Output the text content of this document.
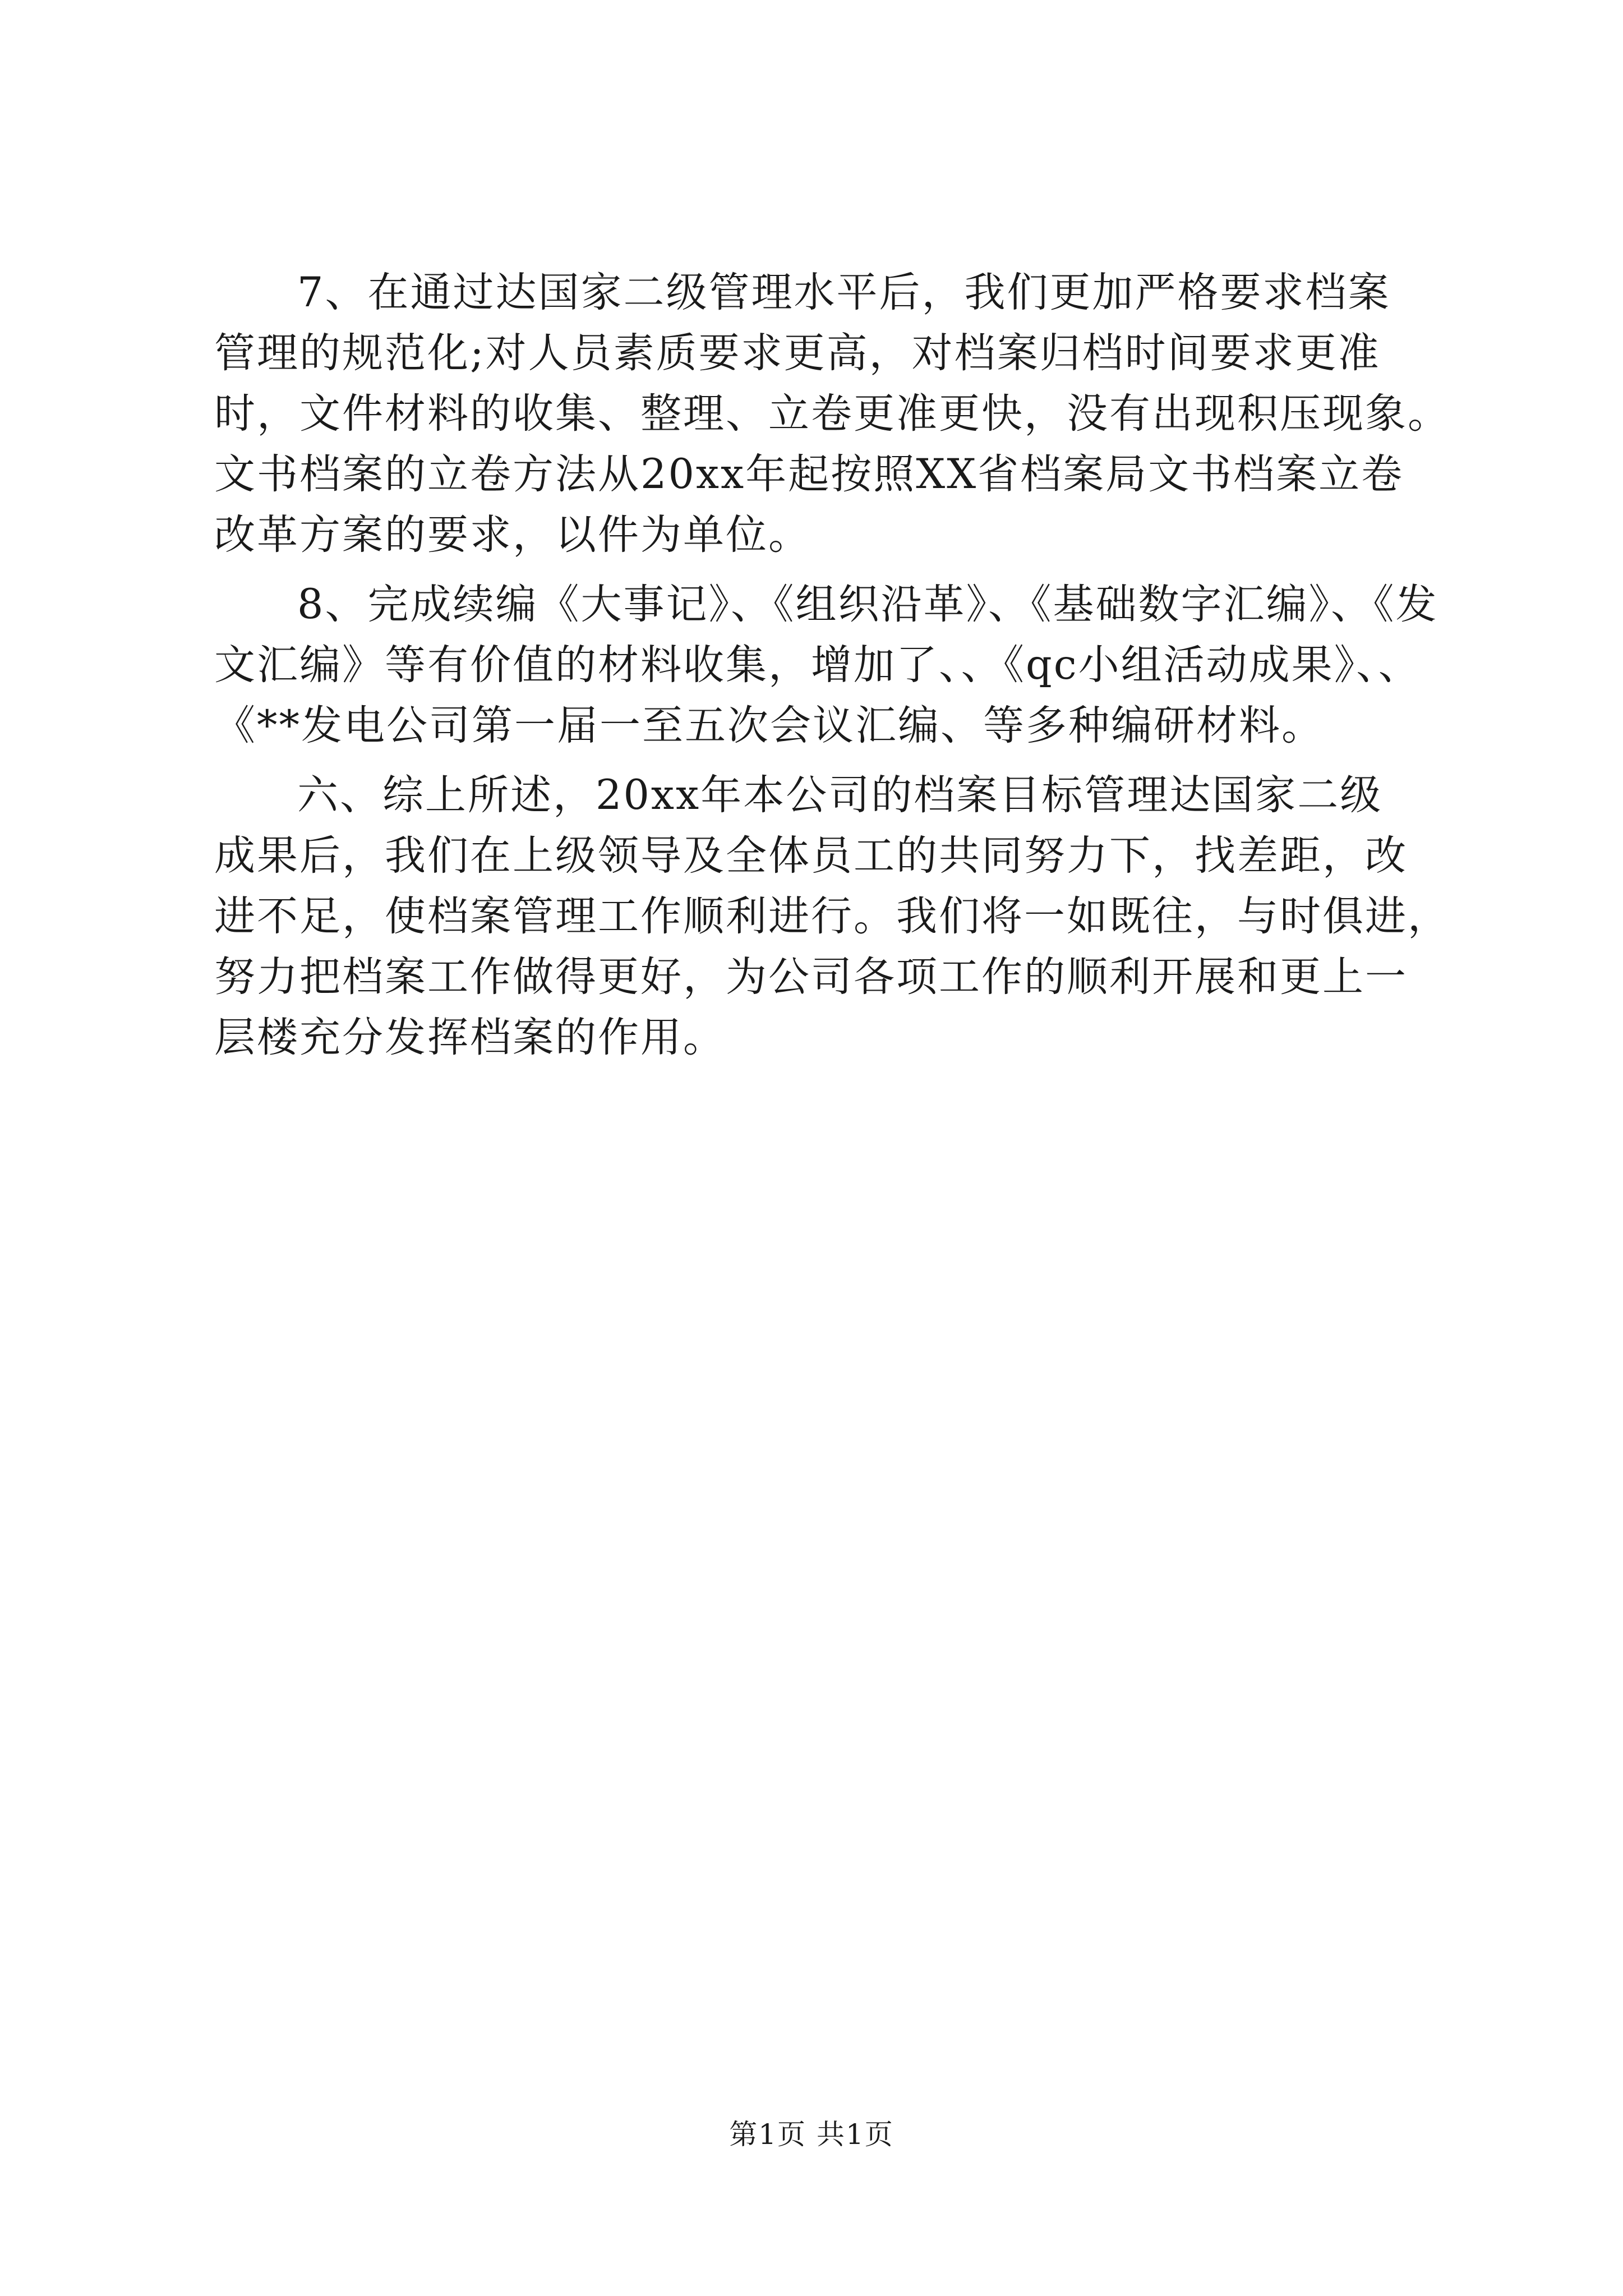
7、在通过达国家二级管理水平后，我们更加严格要求档案
管理的规范化;对人员素质要求更高，对档案归档时间要求更准
时，文件材料的收集、整理、立卷更准更快，没有出现积压现象。
文书档案的立卷方法从20xx年起按照XX省档案局文书档案立卷
改革方案的要求，以件为单位。

8、完成续编《大事记》、《组织沿革》、《基础数字汇编》、《发
文汇编》等有价值的材料收集，增加了、、《qc小组活动成果》、、
《**发电公司第一届一至五次会议汇编、等多种编研材料。

六、综上所述，20xx年本公司的档案目标管理达国家二级
成果后，我们在上级领导及全体员工的共同努力下，找差距，改
进不足，使档案管理工作顺利进行。我们将一如既往，与时俱进，
努力把档案工作做得更好，为公司各项工作的顺利开展和更上一
层楼充分发挥档案的作用。

第1页 共1页
